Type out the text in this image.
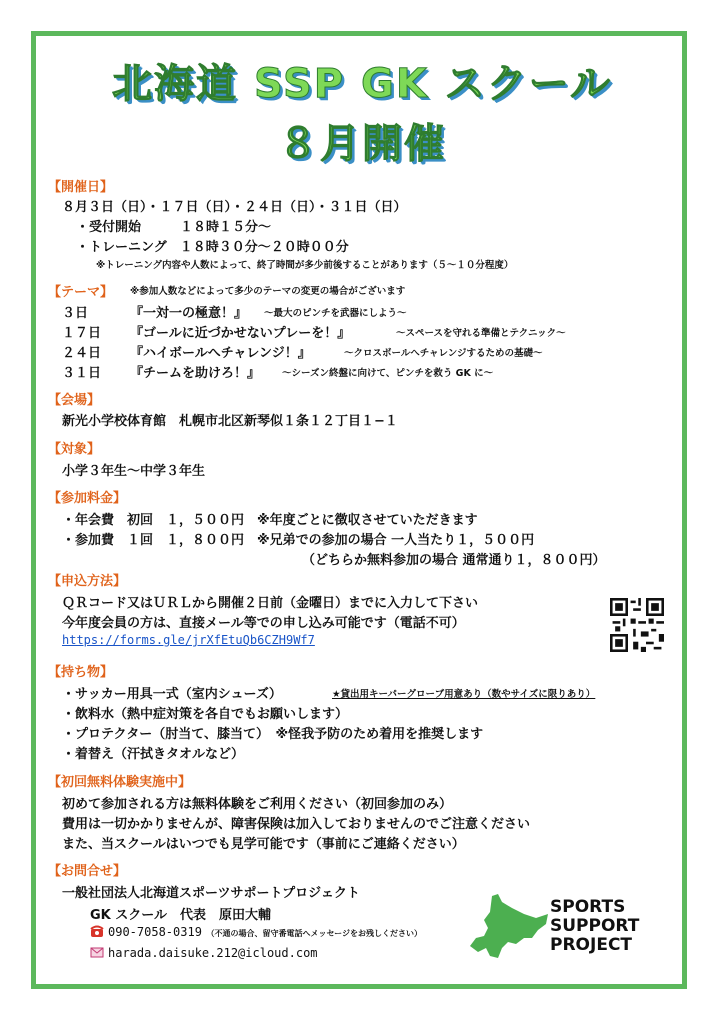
北海道 SSP GK スクール
８月開催
【開催日】
８月３日（日）・１７日（日）・２４日（日）・３１日（日）
・受付開始　　　１８時１５分〜
・トレーニング　１８時３０分〜２０時００分
※トレーニング内容や人数によって、終了時間が多少前後することがあります（５〜１０分程度）
【テーマ】 ※参加人数などによって多少のテーマの変更の場合がございます
３日	『一対一の極意！』 〜最大のピンチを武器にしよう〜
１７日 『ゴールに近づかせないプレーを！』	〜スペースを守れる準備とテクニック〜
２４日 『ハイボールへチャレンジ！』	〜クロスボールへチャレンジするための基礎〜
３１日 『チームを助けろ！』 〜シーズン終盤に向けて、ピンチを救う GK に〜
【会場】
新光小学校体育館　札幌市北区新琴似１条１２丁目１−１
【対象】
小学３年生〜中学３年生
【参加料金】
・年会費　初回　１，５００円　※年度ごとに徴収させていただきます
・参加費　１回　１，８００円　※兄弟での参加の場合 一人当たり１，５００円
（どちらか無料参加の場合 通常通り１，８００円）
【申込方法】
ＱＲコード又はＵＲＬから開催２日前（金曜日）までに入力して下さい
今年度会員の方は、直接メール等での申し込み可能です（電話不可）
https://forms.gle/jrXfEtuQb6CZH9Wf7
【持ち物】
・サッカー用具一式（室内シューズ）	★貸出用キーパーグローブ用意あり（数やサイズに限りあり）
・飲料水（熱中症対策を各自でもお願いします）
・プロテクター（肘当て、膝当て）　※怪我予防のため着用を推奨します
・着替え（汗拭きタオルなど）
【初回無料体験実施中】
初めて参加される方は無料体験をご利用ください（初回参加のみ）
費用は一切かかりませんが、障害保険は加入しておりませんのでご注意ください
また、当スクールはいつでも見学可能です（事前にご連絡ください）
【お問合せ】
一般社団法人北海道スポーツサポートプロジェクト
GK スクール　代表　原田大輔
090-7058-0319 （不通の場合、留守番電話へメッセージをお残しください）
harada.daisuke.212@icloud.com
SPORTS
SUPPORT
PROJECT
